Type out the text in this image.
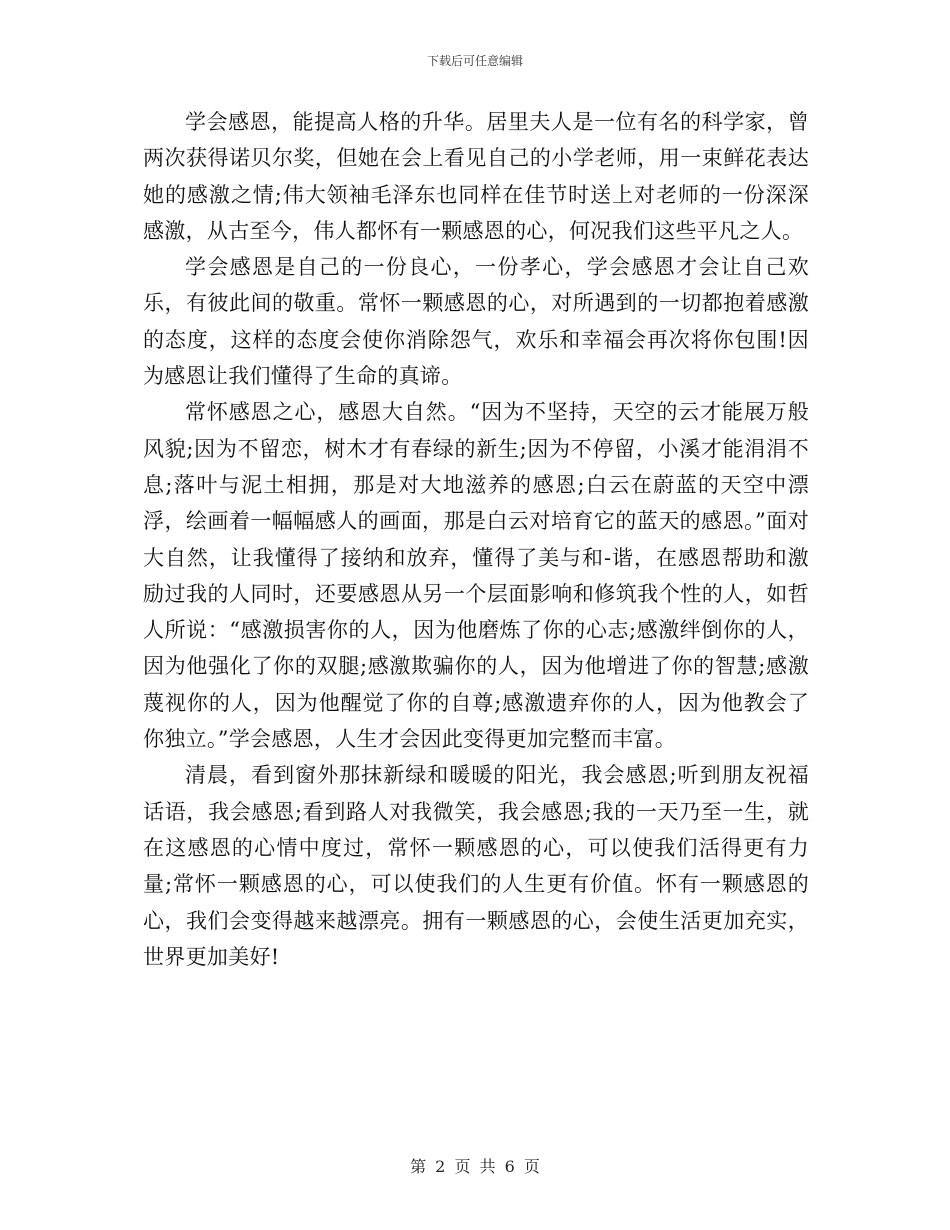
下载后可任意编辑

学会感恩，能提高人格的升华。居里夫人是一位有名的科学家，曾两次获得诺贝尔奖，但她在会上看见自己的小学老师，用一束鲜花表达她的感激之情;伟大领袖毛泽东也同样在佳节时送上对老师的一份深深感激，从古至今，伟人都怀有一颗感恩的心，何况我们这些平凡之人。

学会感恩是自己的一份良心，一份孝心，学会感恩才会让自己欢乐，有彼此间的敬重。常怀一颗感恩的心，对所遇到的一切都抱着感激的态度，这样的态度会使你消除怨气，欢乐和幸福会再次将你包围!因为感恩让我们懂得了生命的真谛。

常怀感恩之心，感恩大自然。“因为不坚持，天空的云才能展万般风貌;因为不留恋，树木才有春绿的新生;因为不停留，小溪才能涓涓不息;落叶与泥土相拥，那是对大地滋养的感恩;白云在蔚蓝的天空中漂浮，绘画着一幅幅感人的画面，那是白云对培育它的蓝天的感恩。”面对大自然，让我懂得了接纳和放弃，懂得了美与和-谐，在感恩帮助和激励过我的人同时，还要感恩从另一个层面影响和修筑我个性的人，如哲人所说：“感激损害你的人，因为他磨炼了你的心志;感激绊倒你的人，因为他强化了你的双腿;感激欺骗你的人，因为他增进了你的智慧;感激蔑视你的人，因为他醒觉了你的自尊;感激遗弃你的人，因为他教会了你独立。”学会感恩，人生才会因此变得更加完整而丰富。

清晨，看到窗外那抹新绿和暖暖的阳光，我会感恩;听到朋友祝福话语，我会感恩;看到路人对我微笑，我会感恩;我的一天乃至一生，就在这感恩的心情中度过，常怀一颗感恩的心，可以使我们活得更有力量;常怀一颗感恩的心，可以使我们的人生更有价值。怀有一颗感恩的心，我们会变得越来越漂亮。拥有一颗感恩的心，会使生活更加充实，世界更加美好!

第 2 页 共 6 页
